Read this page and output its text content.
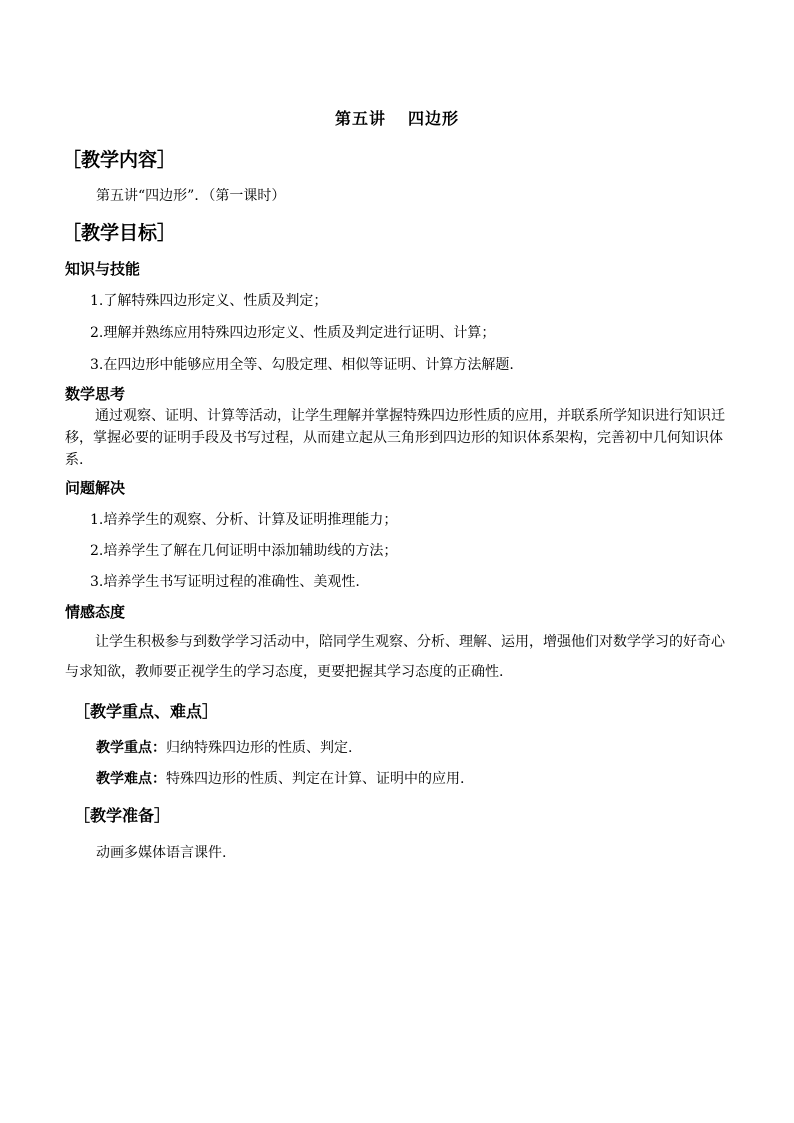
第五讲 四边形
［教学内容］
第五讲“四边形”．（第一课时）
［教学目标］
知识与技能
1.了解特殊四边形定义、性质及判定；
2.理解并熟练应用特殊四边形定义、性质及判定进行证明、计算；
3.在四边形中能够应用全等、勾股定理、相似等证明、计算方法解题.
数学思考
通过观察、证明、计算等活动，让学生理解并掌握特殊四边形性质的应用，并联系所学知识进行知识迁移，掌握必要的证明手段及书写过程，从而建立起从三角形到四边形的知识体系架构，完善初中几何知识体系.
问题解决
1.培养学生的观察、分析、计算及证明推理能力；
2.培养学生了解在几何证明中添加辅助线的方法；
3.培养学生书写证明过程的准确性、美观性.
情感态度
让学生积极参与到数学学习活动中，陪同学生观察、分析、理解、运用，增强他们对数学学习的好奇心与求知欲，教师要正视学生的学习态度，更要把握其学习态度的正确性.
［教学重点、难点］
教学重点：归纳特殊四边形的性质、判定.
教学难点：特殊四边形的性质、判定在计算、证明中的应用.
［教学准备］
动画多媒体语言课件.
